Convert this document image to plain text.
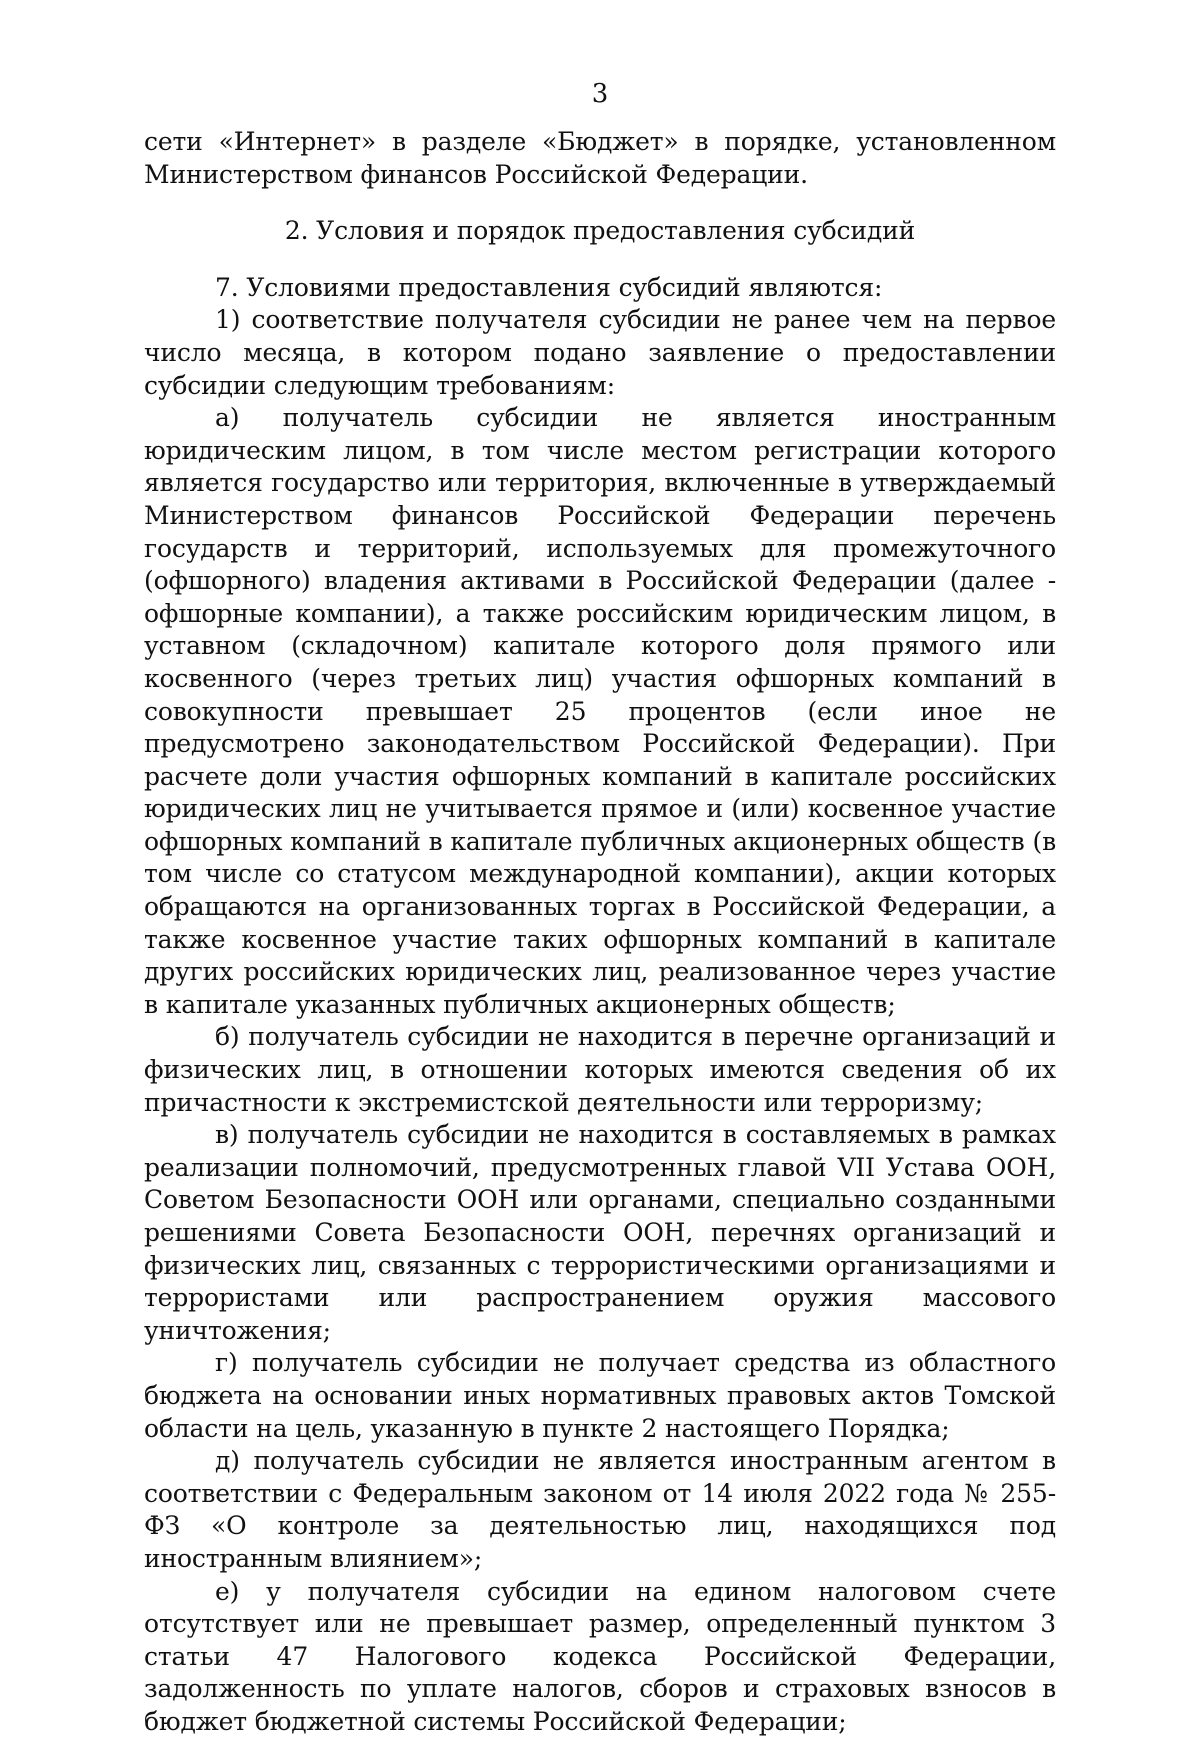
3

сети «Интернет» в разделе «Бюджет» в порядке, установленном Министерством финансов Российской Федерации.

2. Условия и порядок предоставления субсидий

7. Условиями предоставления субсидий являются:

1) соответствие получателя субсидии не ранее чем на первое число месяца, в котором подано заявление о предоставлении субсидии следующим требованиям:

а) получатель субсидии не является иностранным юридическим лицом, в том числе местом регистрации которого является государство или территория, включенные в утверждаемый Министерством финансов Российской Федерации перечень государств и территорий, используемых для промежуточного (офшорного) владения активами в Российской Федерации (далее - офшорные компании), а также российским юридическим лицом, в уставном (складочном) капитале которого доля прямого или косвенного (через третьих лиц) участия офшорных компаний в совокупности превышает 25 процентов (если иное не предусмотрено законодательством Российской Федерации). При расчете доли участия офшорных компаний в капитале российских юридических лиц не учитывается прямое и (или) косвенное участие офшорных компаний в капитале публичных акционерных обществ (в том числе со статусом международной компании), акции которых обращаются на организованных торгах в Российской Федерации, а также косвенное участие таких офшорных компаний в капитале других российских юридических лиц, реализованное через участие в капитале указанных публичных акционерных обществ;

б) получатель субсидии не находится в перечне организаций и физических лиц, в отношении которых имеются сведения об их причастности к экстремистской деятельности или терроризму;

в) получатель субсидии не находится в составляемых в рамках реализации полномочий, предусмотренных главой VII Устава ООН, Советом Безопасности ООН или органами, специально созданными решениями Совета Безопасности ООН, перечнях организаций и физических лиц, связанных с террористическими организациями и террористами или распространением оружия массового уничтожения;

г) получатель субсидии не получает средства из областного бюджета на основании иных нормативных правовых актов Томской области на цель, указанную в пункте 2 настоящего Порядка;

д) получатель субсидии не является иностранным агентом в соответствии с Федеральным законом от 14 июля 2022 года № 255-ФЗ «О контроле за деятельностью лиц, находящихся под иностранным влиянием»;

е) у получателя субсидии на едином налоговом счете отсутствует или не превышает размер, определенный пунктом 3 статьи 47 Налогового кодекса Российской Федерации, задолженность по уплате налогов, сборов и страховых взносов в бюджет бюджетной системы Российской Федерации;
